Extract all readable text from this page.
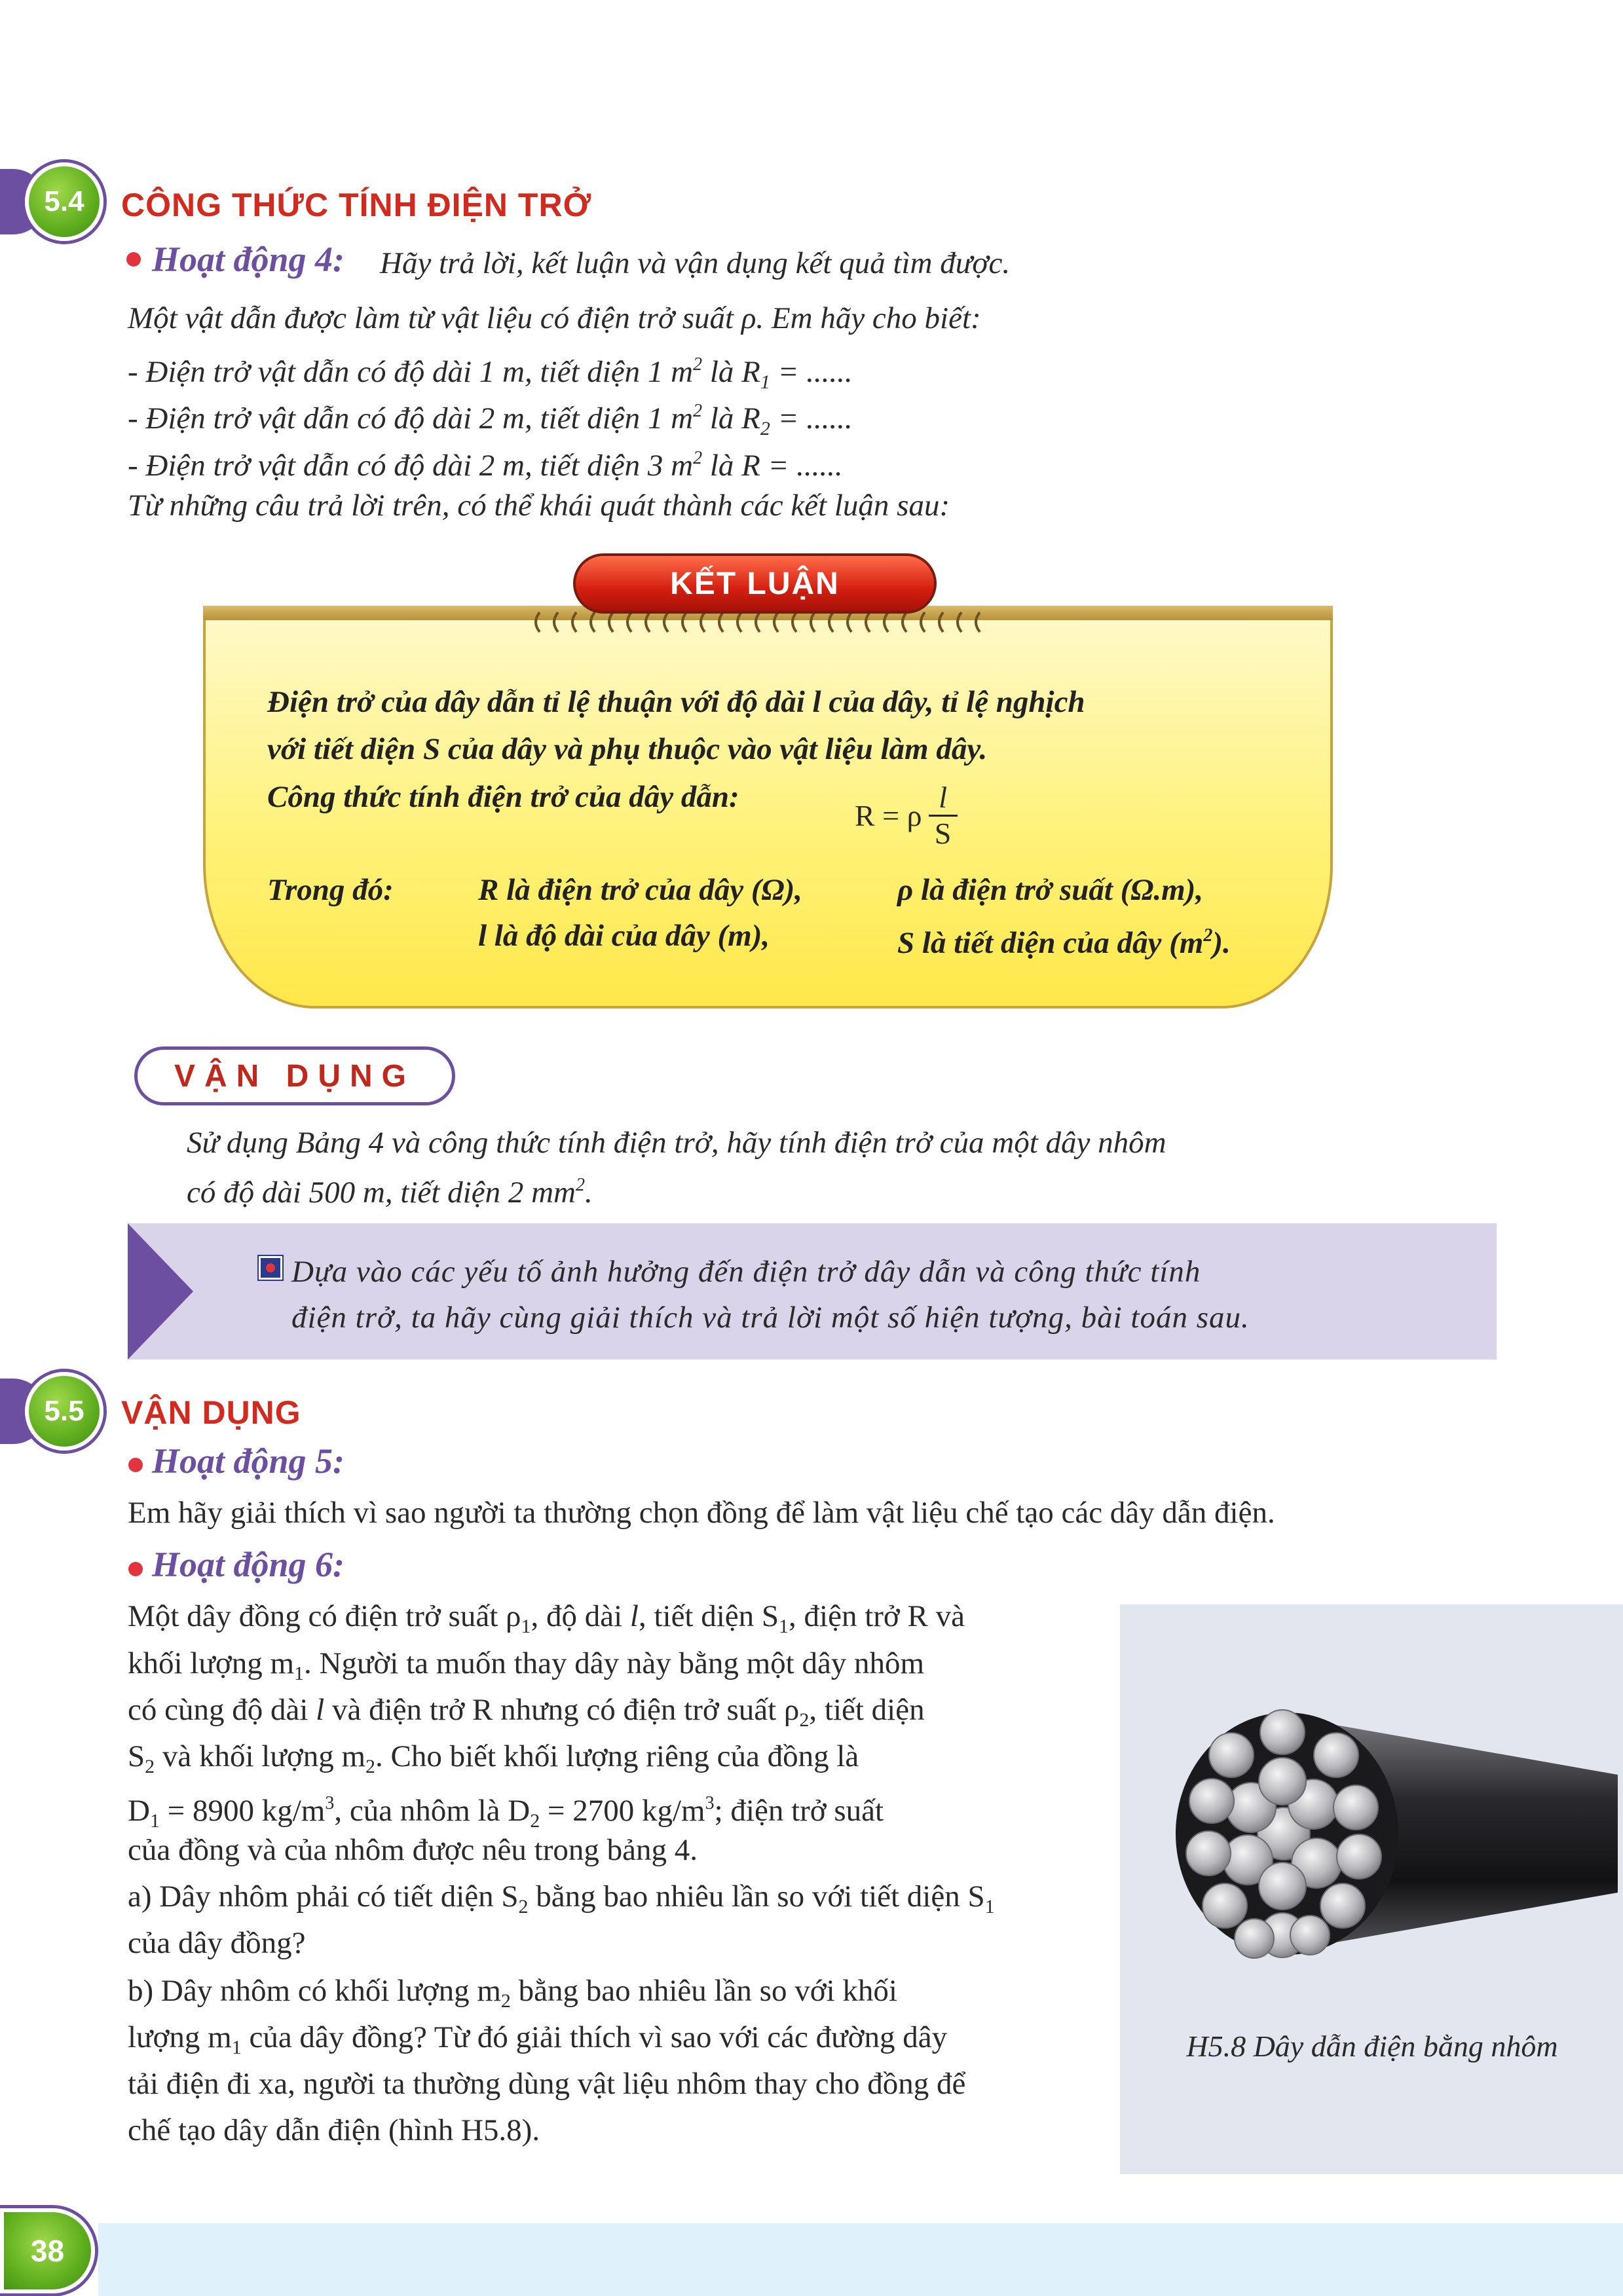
5.4 CÔNG THỨC TÍNH ĐIỆN TRỞ
Hoạt động 4: Hãy trả lời, kết luận và vận dụng kết quả tìm được.
Một vật dẫn được làm từ vật liệu có điện trở suất ρ. Em hãy cho biết:
- Điện trở vật dẫn có độ dài 1 m, tiết diện 1 $m^2$ là $R_1$ = ......
- Điện trở vật dẫn có độ dài 2 m, tiết diện 1 $m^2$ là $R_2$ = ......
- Điện trở vật dẫn có độ dài 2 m, tiết diện 3 $m^2$ là R = ......
Từ những câu trả lời trên, có thể khái quát thành các kết luận sau:
KẾT LUẬN
Điện trở của dây dẫn tỉ lệ thuận với độ dài l của dây, tỉ lệ nghịch
với tiết diện S của dây và phụ thuộc vào vật liệu làm dây.
Công thức tính điện trở của dây dẫn:
R = ρ
l
S
Trong đó:	R là điện trở của dây (Ω),	ρ là điện trở suất (Ω.m),
l là độ dài của dây (m),	S là tiết diện của dây $(m^2)$.
VẬN DỤNG
Sử dụng Bảng 4 và công thức tính điện trở, hãy tính điện trở của một dây nhôm
có độ dài 500 m, tiết diện 2 $mm^2$.
Dựa vào các yếu tố ảnh hưởng đến điện trở dây dẫn và công thức tính
điện trở, ta hãy cùng giải thích và trả lời một số hiện tượng, bài toán sau.
5.5 VẬN DỤNG
Hoạt động 5:
Em hãy giải thích vì sao người ta thường chọn đồng để làm vật liệu chế tạo các dây dẫn điện.
Hoạt động 6:
Một dây đồng có điện trở suất $\rho_1$, độ dài l, tiết diện $S_1$, điện trở R và
khối lượng $m_1$. Người ta muốn thay dây này bằng một dây nhôm
có cùng độ dài l và điện trở R nhưng có điện trở suất $\rho_2$, tiết diện
$S_2$ và khối lượng $m_2$. Cho biết khối lượng riêng của đồng là
$D_1 = 8900$ $kg/m^3$, của nhôm là $D_2 = 2700$ $kg/m^3$; điện trở suất
của đồng và của nhôm được nêu trong bảng 4.
a) Dây nhôm phải có tiết diện $S_2$ bằng bao nhiêu lần so với tiết diện $S_1$
của dây đồng?
b) Dây nhôm có khối lượng $m_2$ bằng bao nhiêu lần so với khối
lượng $m_1$ của dây đồng? Từ đó giải thích vì sao với các đường dây
tải điện đi xa, người ta thường dùng vật liệu nhôm thay cho đồng để
chế tạo dây dẫn điện (hình H5.8).
H5.8 Dây dẫn điện bằng nhôm
38
